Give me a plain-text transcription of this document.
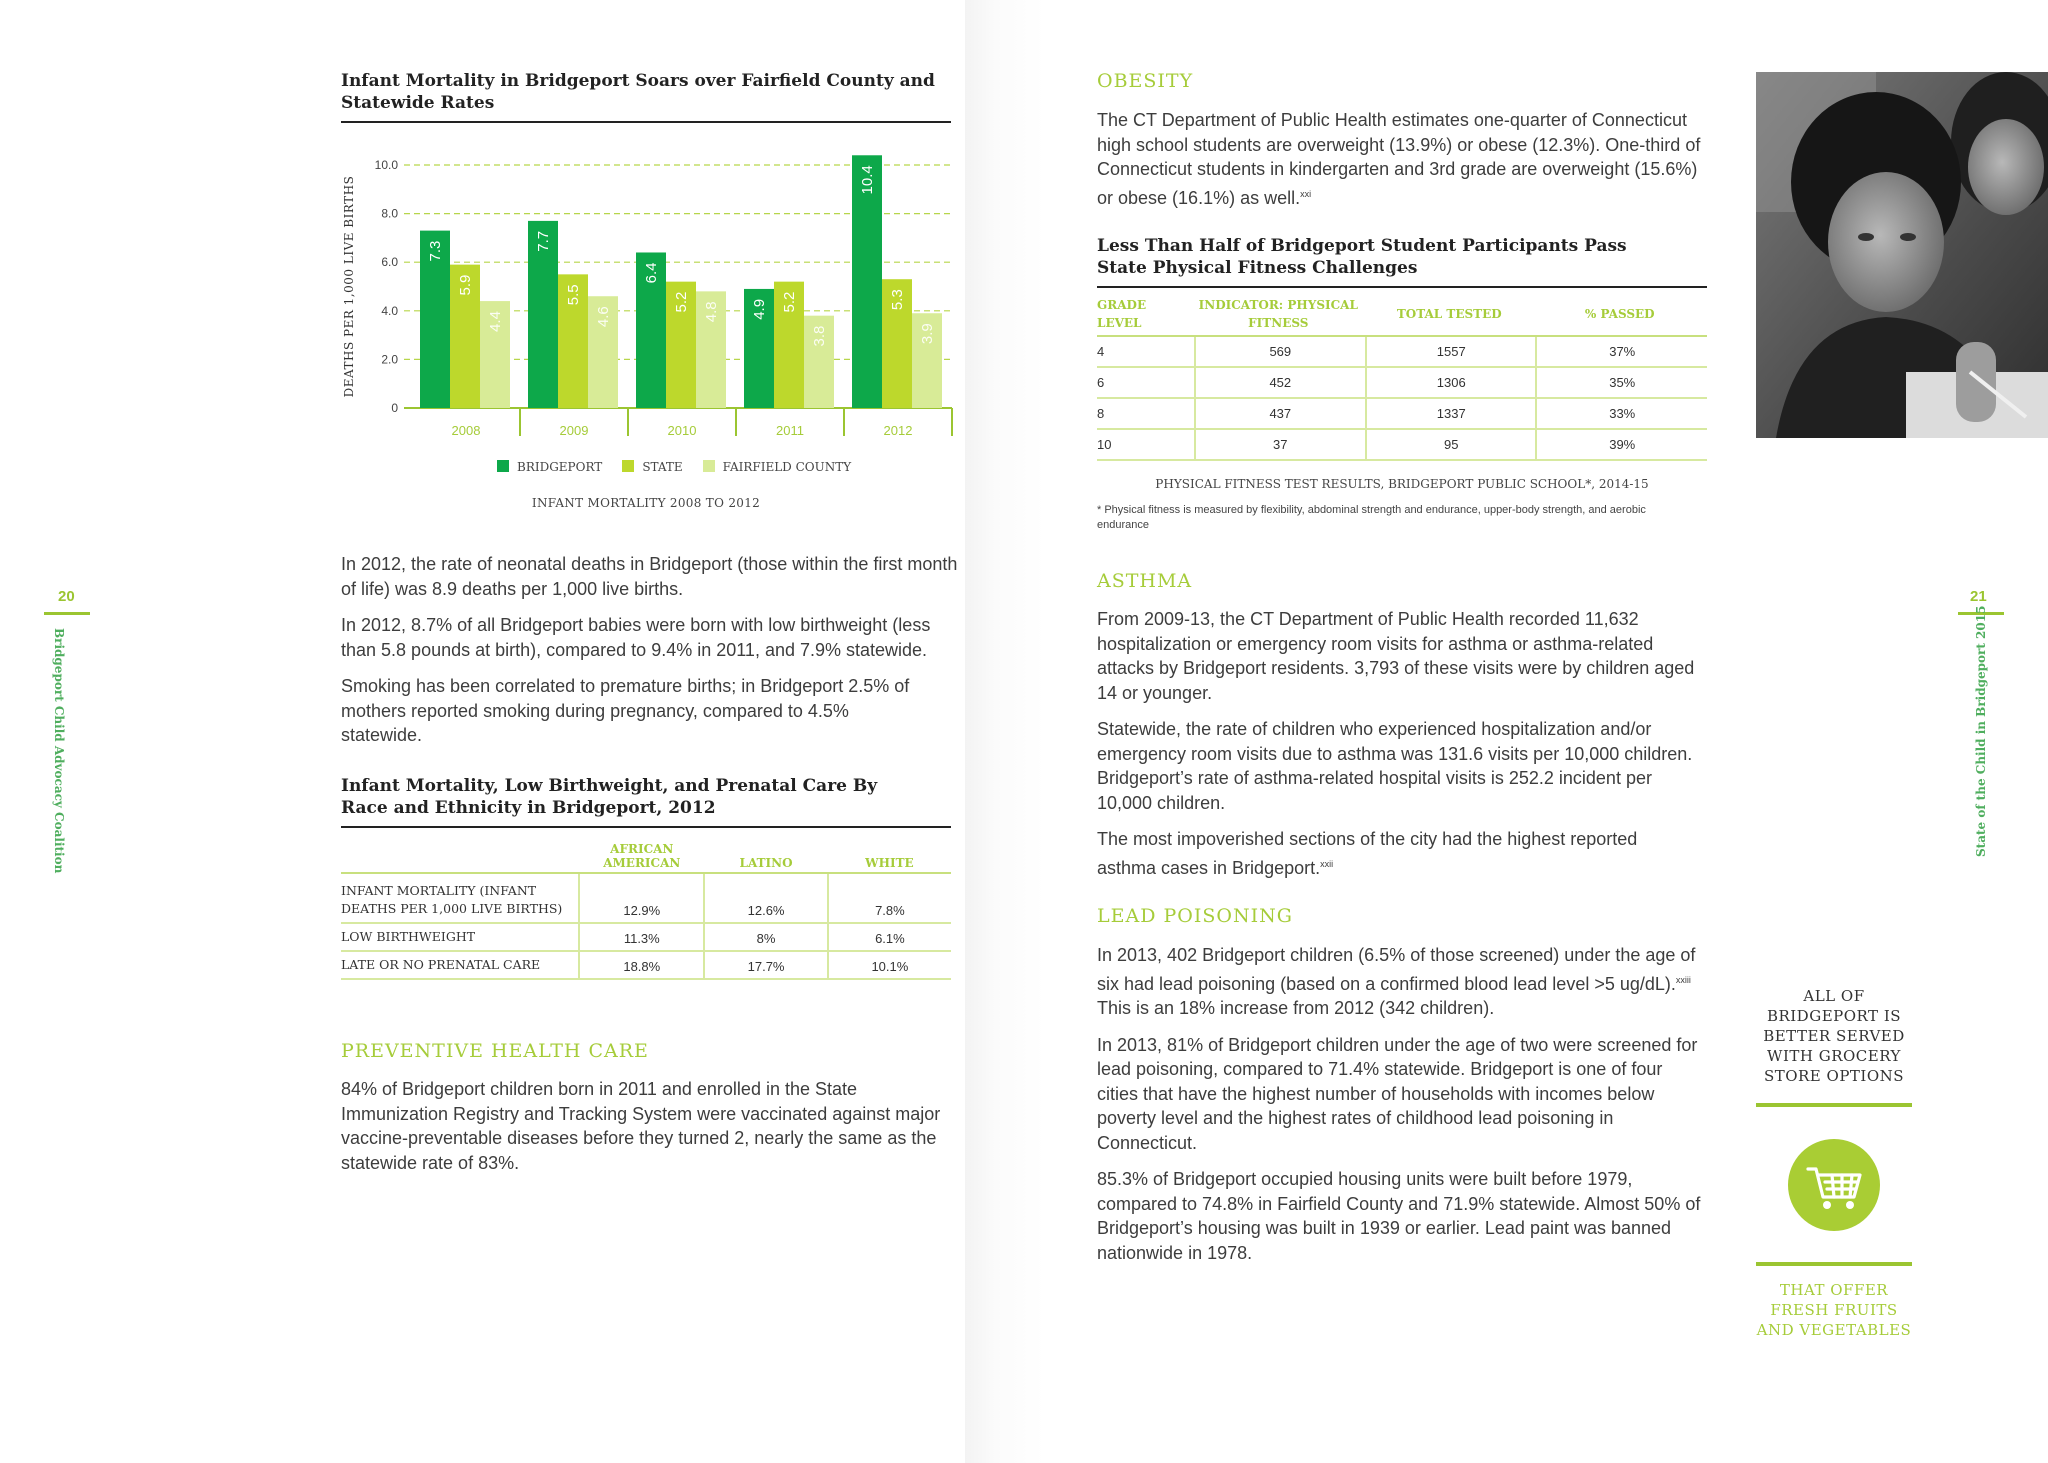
20
Bridgeport Child Advocacy Coalition
Infant Mortality in Bridgeport Soars over Fairfield County and Statewide Rates
DEATHS PER 1,000 LIVE BIRTHS
0
2.0
4.0
6.0
8.0
10.0
7.3
5.9
4.4
2008
7.7
5.5
4.6
2009
6.4
5.2 4.8
2010
4.9 5.2
3.8
2011
10.4
5.3
3.9
2012
BRIDGEPORT	STATE	FAIRFIELD COUNTY
INFANT MORTALITY 2008 TO 2012

In 2012, the rate of neonatal deaths in Bridgeport (those within the first month of life) was 8.9 deaths per 1,000 live births.

In 2012, 8.7% of all Bridgeport babies were born with low birthweight (less than 5.8 pounds at birth), compared to 9.4% in 2011, and 7.9% statewide.

Smoking has been correlated to premature births; in Bridgeport 2.5% of mothers reported smoking during pregnancy, compared to 4.5% statewide.

Infant Mortality, Low Birthweight, and Prenatal Care By Race and Ethnicity in Bridgeport, 2012
	AFRICAN AMERICAN	LATINO	WHITE
INFANT MORTALITY (INFANT DEATHS PER 1,000 LIVE BIRTHS)	12.9%	12.6%	7.8%
LOW BIRTHWEIGHT	11.3%	8%	6.1%
LATE OR NO PRENATAL CARE	18.8%	17.7%	10.1%
PREVENTIVE HEALTH CARE
84% of Bridgeport children born in 2011 and enrolled in the State Immunization Registry and Tracking System were vaccinated against major vaccine-preventable diseases before they turned 2, nearly the same as the statewide rate of 83%.
21
State of the Child in Bridgeport 2015
OBESITY
The CT Department of Public Health estimates one-quarter of Connecticut high school students are overweight (13.9%) or obese (12.3%). One-third of Connecticut students in kindergarten and 3rd grade are overweight (15.6%) or obese (16.1%) as well.$^{xxi}$
Less Than Half of Bridgeport Student Participants Pass State Physical Fitness Challenges
GRADE LEVEL	INDICATOR: PHYSICAL FITNESS	TOTAL TESTED	% PASSED
4	569	1557	37%
6	452	1306	35%
8	437	1337	33%
10	37	95	39%
PHYSICAL FITNESS TEST RESULTS, BRIDGEPORT PUBLIC SCHOOL*, 2014-15
* Physical fitness is measured by flexibility, abdominal strength and endurance, upper-body strength, and aerobic endurance
ASTHMA

From 2009-13, the CT Department of Public Health recorded 11,632 hospitalization or emergency room visits for asthma or asthma-related attacks by Bridgeport residents. 3,793 of these visits were by children aged 14 or younger.

Statewide, the rate of children who experienced hospitalization and/or emergency room visits due to asthma was 131.6 visits per 10,000 children. Bridgeport’s rate of asthma-related hospital visits is 252.2 incident per 10,000 children.

The most impoverished sections of the city had the highest reported asthma cases in Bridgeport.$^{xxii}$

LEAD POISONING

In 2013, 402 Bridgeport children (6.5% of those screened) under the age of six had lead poisoning (based on a confirmed blood lead level >5 ug/dL).$^{xxiii}$ This is an 18% increase from 2012 (342 children).

In 2013, 81% of Bridgeport children under the age of two were screened for lead poisoning, compared to 71.4% statewide. Bridgeport is one of four cities that have the highest number of households with incomes below poverty level and the highest rates of childhood lead poisoning in Connecticut.

85.3% of Bridgeport occupied housing units were built before 1979, compared to 74.8% in Fairfield County and 71.9% statewide. Almost 50% of Bridgeport’s housing was built in 1939 or earlier. Lead paint was banned nationwide in 1978.

ALL OF BRIDGEPORT IS BETTER SERVED WITH GROCERY STORE OPTIONS
THAT OFFER FRESH FRUITS AND VEGETABLES
